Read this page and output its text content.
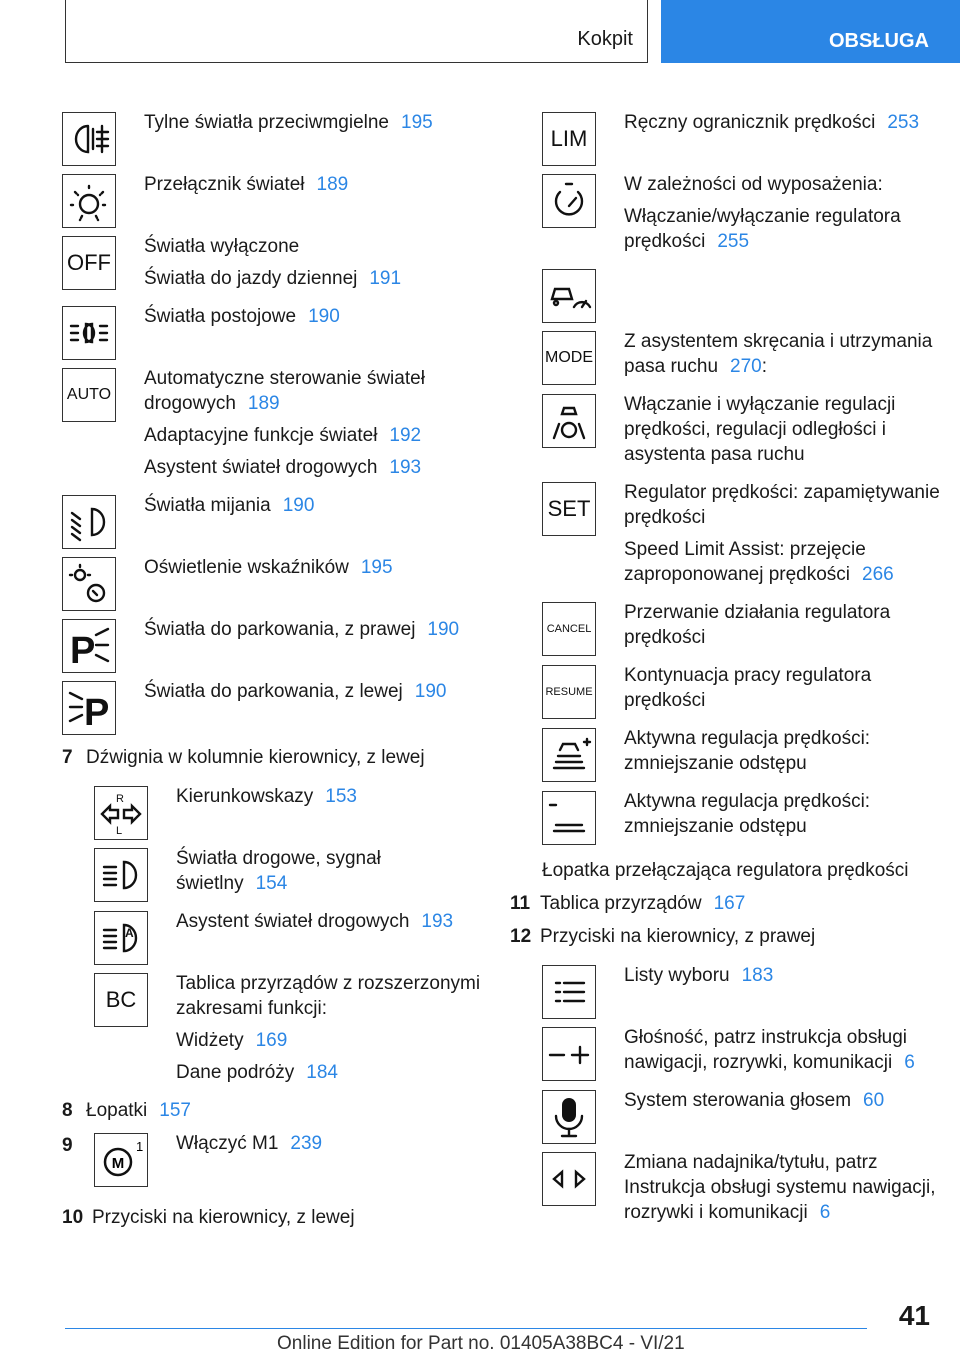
Kokpit	OBSŁUGA

Tylne światła przeciwmgielne 195

Przełącznik świateł 189

OFF

Światła wyłączone

Światła do jazdy dziennej 191

Światła postojowe 190

AUTO

Automatyczne sterowanie świateł drogowych 189

Adaptacyjne funkcje świateł 192

Asystent świateł drogowych 193

Światła mijania 190

Oświetlenie wskaźników 195

P

Światła do parkowania, z prawej 190

P

Światła do parkowania, z lewej 190

7 Dźwignia w kolumnie kierownicy, z lewej
R
L

Kierunkowskazy 153

Światła drogowe, sygnał świetlny 154

A

Asystent świateł drogowych 193

BC

Tablica przyrządów z rozszerzonymi zakresami funkcji:

Widżety 169

Dane podróży 184

8 Łopatki 157
9
M
1 Włączyć M1 239

10 Przyciski na kierownicy, z lewej
LIM

Ręczny ogranicznik prędkości 253

W zależności od wyposażenia:

Włączanie/wyłączanie regulatora prędkości 255

MODE

Z asystentem skręcania i utrzymania pasa ruchu 270:

Włączanie i wyłączanie regulacji prędkości, regulacji odległości i asystenta pasa ruchu

SET

Regulator prędkości: zapamiętywanie prędkości

Speed Limit Assist: przejęcie zaproponowanej prędkości 266

CANCEL

Przerwanie działania regulatora prędkości

RESUME

Kontynuacja pracy regulatora prędkości

Aktywna regulacja prędkości: zmniejszanie odstępu

Aktywna regulacja prędkości: zmniejszanie odstępu

Łopatka przełączająca regulatora prędkości
11 Tablica przyrządów 167
12 Przyciski na kierownicy, z prawej

Listy wyboru 183

Głośność, patrz instrukcja obsługi nawigacji, rozrywki, komunikacji 6

System sterowania głosem 60

Zmiana nadajnika/tytułu, patrz Instrukcja obsługi systemu nawigacji, rozrywki i komunikacji 6

41
Online Edition for Part no. 01405A38BC4 - VI/21
